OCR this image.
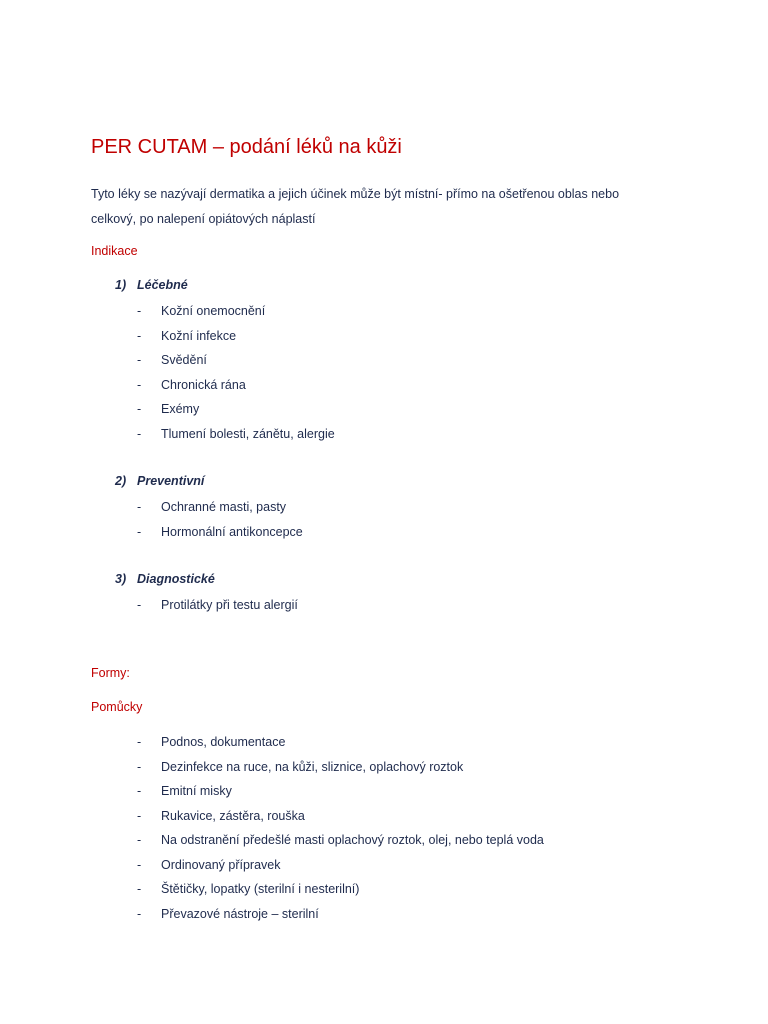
PER CUTAM – podání léků na kůži
Tyto léky se nazývají dermatika a jejich účinek může být místní- přímo na ošetřenou oblas nebo celkový, po nalepení opiátových náplastí
Indikace
1) Léčebné
- Kožní onemocnění
- Kožní infekce
- Svědění
- Chronická rána
- Exémy
- Tlumení bolesti, zánětu, alergie
2) Preventivní
- Ochranné masti, pasty
- Hormonální antikoncepce
3) Diagnostické
- Protilátky při testu alergií
Formy:
Pomůcky
- Podnos, dokumentace
- Dezinfekce na ruce, na kůži, sliznice, oplachový roztok
- Emitní misky
- Rukavice, zástěra, rouška
- Na odstranění předešlé masti oplachový roztok, olej, nebo teplá voda
- Ordinovaný přípravek
- Štětičky, lopatky (sterilní i nesterilní)
- Převazové nástroje – sterilní
